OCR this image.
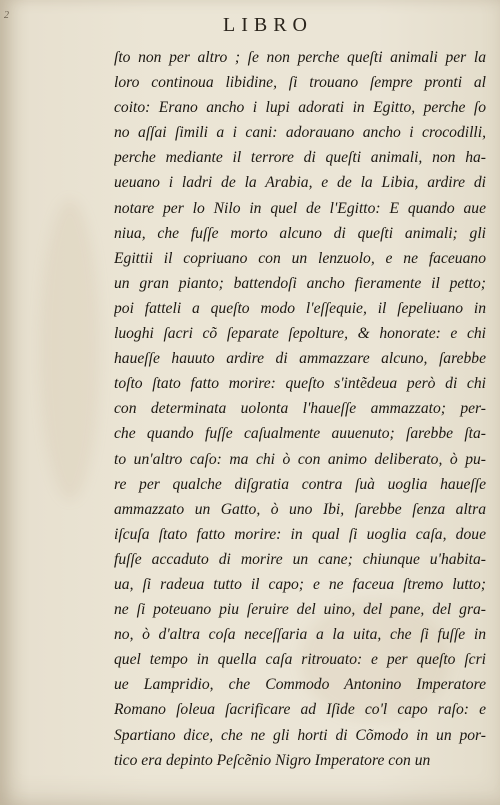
2	LIBRO
ſto non per altro ; ſe non perche queſti animali per la
loro continoua libidine, ſi trouano ſempre pronti al
coito: Erano ancho i lupi adorati in Egitto, perche ſo
no aſſai ſimili a i cani: adorauano ancho i crocodilli,
perche mediante il terrore di queſti animali, non ha-
ueuano i ladri de la Arabia, e de la Libia, ardire di
notare per lo Nilo in quel de l'Egitto: E quando aue
niua, che fuſſe morto alcuno di queſti animali; gli
Egittii il copriuano con un lenzuolo, e ne faceuano
un gran pianto; battendoſi ancho fieramente il petto;
poi fatteli a queſto modo l'eſſequie, il ſepeliuano in
luoghi ſacri cõ ſeparate ſepolture, & honorate: e chi
haueſſe hauuto ardire di ammazzare alcuno, ſarebbe
toſto ſtato fatto morire: queſto s'intẽdeua però di chi
con determinata uolonta l'haueſſe ammazzato; per-
che quando fuſſe caſualmente auuenuto; ſarebbe ſta-
to un'altro caſo: ma chi ò con animo deliberato, ò pu-
re per qualche diſgratia contra ſuà uoglia haueſſe
ammazzato un Gatto, ò uno Ibi, ſarebbe ſenza altra
iſcuſa ſtato fatto morire: in qual ſi uoglia caſa, doue
fuſſe accaduto di morire un cane; chiunque u'habita-
ua, ſi radeua tutto il capo; e ne faceua ſtremo lutto;
ne ſi poteuano piu ſeruire del uino, del pane, del gra-
no, ò d'altra coſa neceſſaria a la uita, che ſi fuſſe in
quel tempo in quella caſa ritrouato: e per queſto ſcri
ue Lampridio, che Commodo Antonino Imperatore
Romano ſoleua ſacrificare ad Iſide co'l capo raſo: e
Spartiano dice, che ne gli horti di Cõmodo in un por-
tico era depinto Peſcẽnio Nigro Imperatore con un
